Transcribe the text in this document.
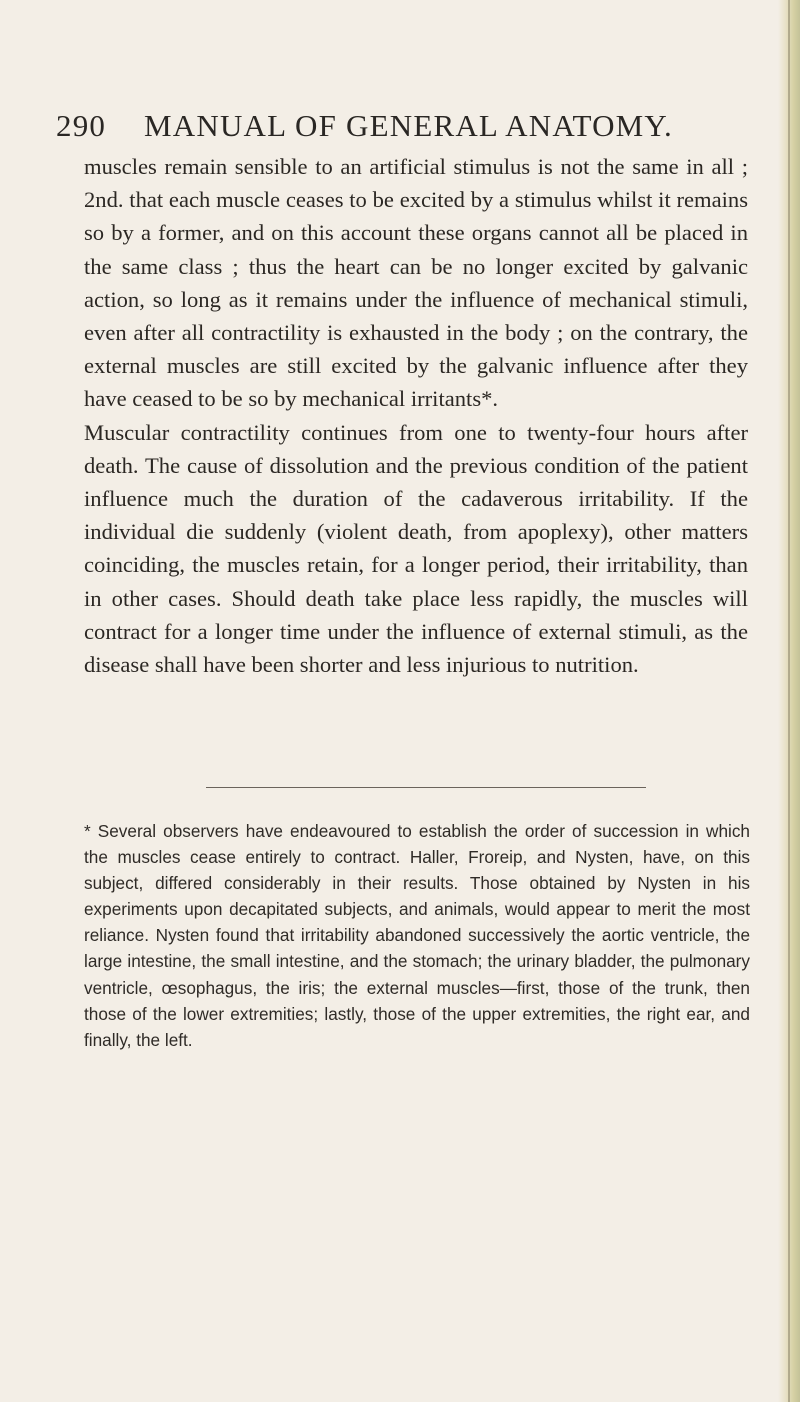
290 MANUAL OF GENERAL ANATOMY.

muscles remain sensible to an artificial stimulus is not the same in all ; 2nd. that each muscle ceases to be excited by a stimulus whilst it remains so by a former, and on this account these organs cannot all be placed in the same class ; thus the heart can be no longer excited by galvanic action, so long as it remains under the influence of mechanical stimuli, even after all contractility is exhausted in the body ; on the contrary, the external muscles are still excited by the galvanic influence after they have ceased to be so by mechanical irritants*.

Muscular contractility continues from one to twenty-four hours after death. The cause of dissolution and the previous condition of the patient influence much the duration of the cadaverous irritability. If the individual die suddenly (violent death, from apoplexy), other matters coinciding, the muscles retain, for a longer period, their irritability, than in other cases. Should death take place less rapidly, the muscles will contract for a longer time under the influence of external stimuli, as the disease shall have been shorter and less injurious to nutrition.

* Several observers have endeavoured to establish the order of succession in which the muscles cease entirely to contract. Haller, Froreip, and Nysten, have, on this subject, differed considerably in their results. Those obtained by Nysten in his experiments upon decapitated subjects, and animals, would appear to merit the most reliance. Nysten found that irritability abandoned successively the aortic ventricle, the large intestine, the small intestine, and the stomach; the urinary bladder, the pulmonary ventricle, œsophagus, the iris; the external muscles—first, those of the trunk, then those of the lower extremities; lastly, those of the upper extremities, the right ear, and finally, the left.
